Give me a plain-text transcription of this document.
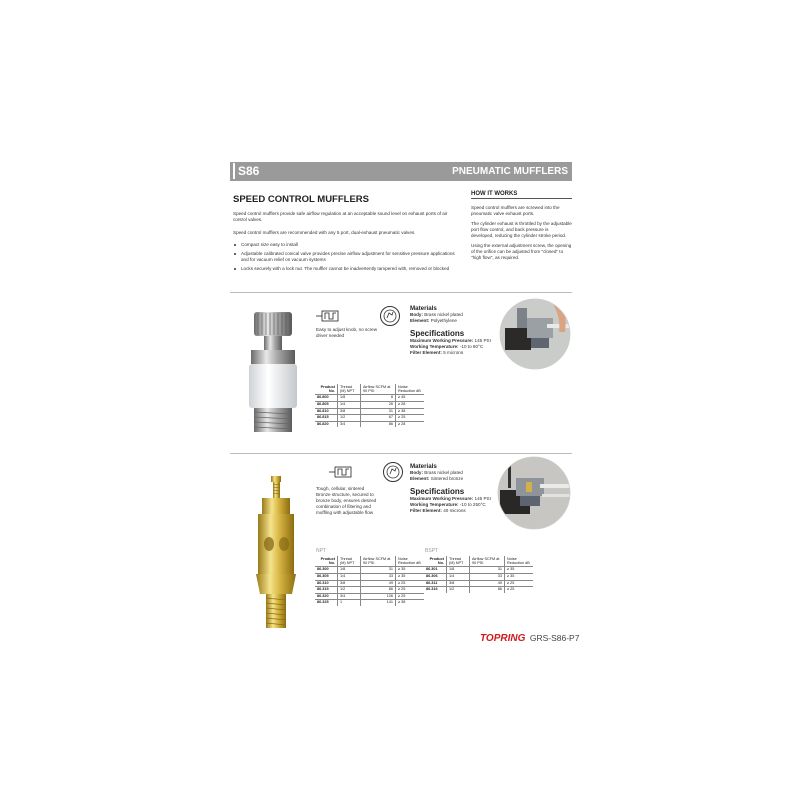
S86	PNEUMATIC MUFFLERS
SPEED CONTROL MUFFLERS
Speed control mufflers provide safe airflow regulation at an acceptable sound level on exhaust ports of air control valves.
Speed control mufflers are recommended with any 5 port, dual-exhaust pneumatic valves.
Compact size easy to install
Adjustable calibrated conical valve provides precise airflow adjustment for sensitive pressure applications and for vacuum relief on vacuum systems
Locks securely with a lock nut. The muffler cannot be inadvertently tampered with, removed or blocked
HOW IT WORKS
Speed control mufflers are screwed into the pneumatic valve exhaust ports.
The cylinder exhaust is throttled by the adjustable port flow control, and back pressure is developed, reducing the cylinder stroke period.
Using the external adjustment screw, the opening of the orifice can be adjusted from "closed" to "high flow", as required.
Easy to adjust knob, no screw driver needed
Materials
Body: Brass nickel plated
Element: Polyethylene
Specifications
Maximum Working Pressure: 145 PSI
Working Temperature: -10 to 80°C
Filter Element: 5 microns
Product No.	Thread (M) NPT	Airflow SCFM at 90 PSI	Noise Reduction dB
86.800	1/8	8	≥ 45
86.805	1/4	26	≥ 28
86.810	3/8	31	≥ 38
86.815	1/2	67	≥ 25
86.820	3/4	86	≥ 28
Tough, cellular, sintered Bronze structure, secured to bronze body, ensures desired combination of filtering and muffling with adjustable flow
Materials
Body: Brass nickel plated
Element: Sintered bronze
Specifications
Maximum Working Pressure: 145 PSI
Working Temperature: -10 to 250°C
Filter Element: 40 microns
NPT
Product No.	Thread (M) NPT	Airflow SCFM at 90 PSI	Noise Reduction dB
86.300	1/8	31	≥ 35
86.305	1/4	33	≥ 35
86.310	3/8	49	≥ 25
86.315	1/2	86	≥ 25
86.320	3/4	106	≥ 25
86.325	1	141	≥ 38
BSPT
Product No.	Thread (M) NPT	Airflow SCFM at 90 PSI	Noise Reduction dB
86.301	1/8	31	≥ 35
86.306	1/4	33	≥ 35
86.311	3/8	49	≥ 25
86.316	1/2	86	≥ 25
TOPRING GRS-S86-P7
